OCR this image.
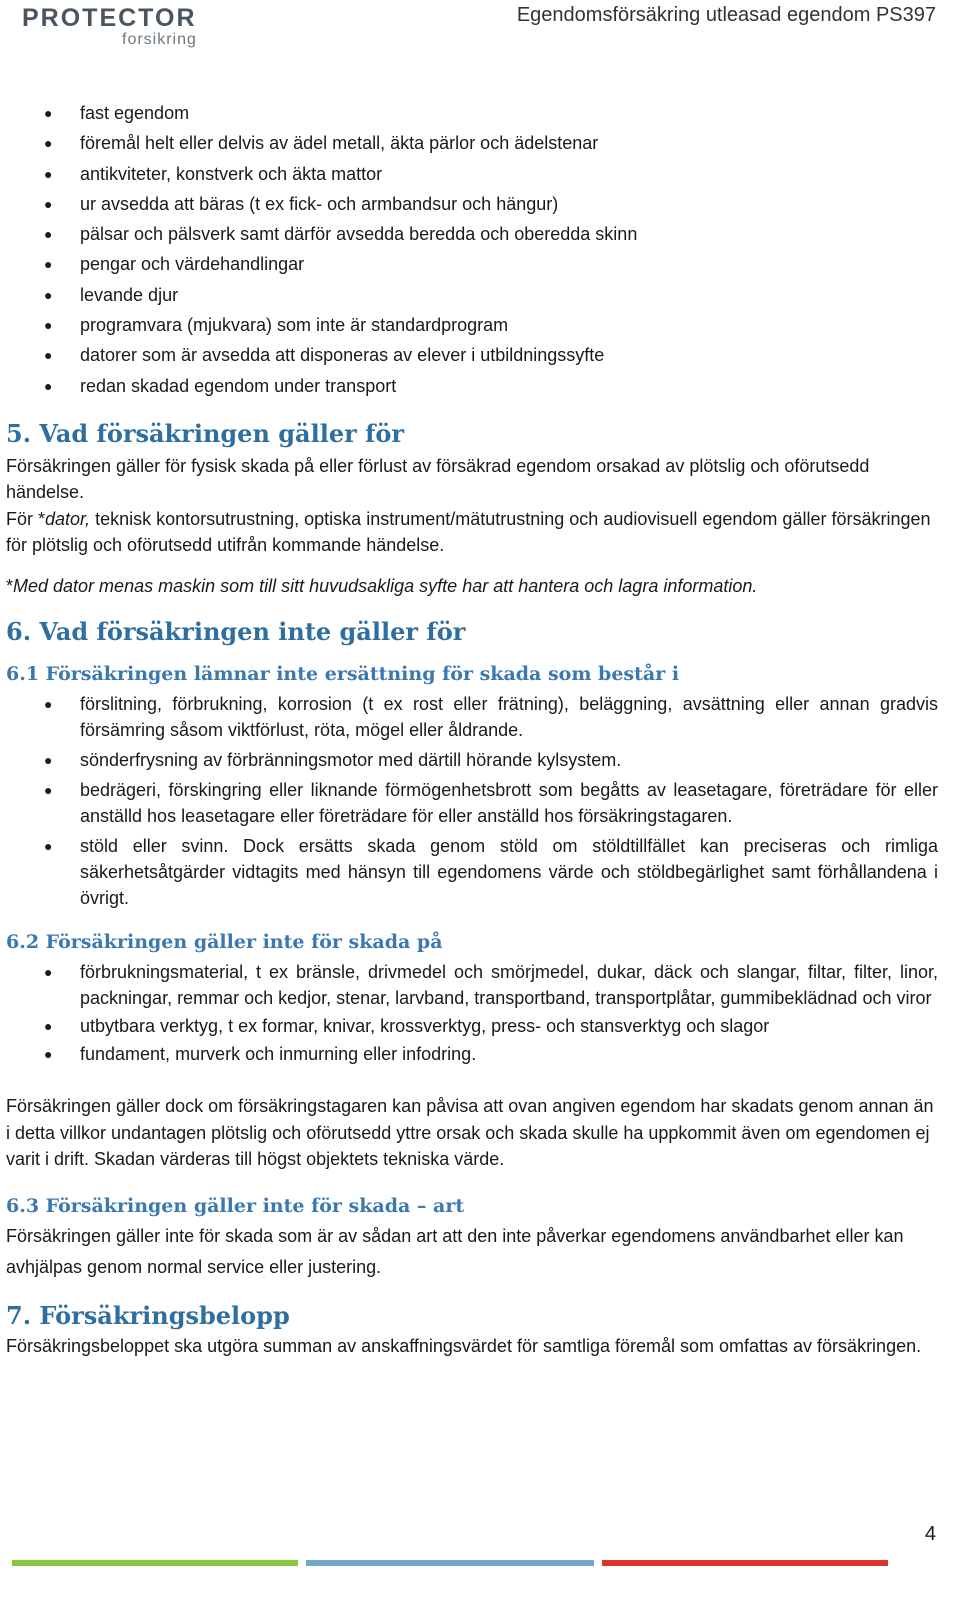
PROTECTOR
forsikring
Egendomsförsäkring utleasad egendom PS397
● fast egendom
● föremål helt eller delvis av ädel metall, äkta pärlor och ädelstenar
● antikviteter, konstverk och äkta mattor
● ur avsedda att bäras (t ex fick- och armbandsur och hängur)
● pälsar och pälsverk samt därför avsedda beredda och oberedda skinn
● pengar och värdehandlingar
● levande djur
● programvara (mjukvara) som inte är standardprogram
● datorer som är avsedda att disponeras av elever i utbildningssyfte
● redan skadad egendom under transport
5. Vad försäkringen gäller för

Försäkringen gäller för fysisk skada på eller förlust av försäkrad egendom orsakad av plötslig och oförutsedd händelse.

För *dator, teknisk kontorsutrustning, optiska instrument/mätutrustning och audiovisuell egendom gäller försäkringen för plötslig och oförutsedd utifrån kommande händelse.

*Med dator menas maskin som till sitt huvudsakliga syfte har att hantera och lagra information.

6. Vad försäkringen inte gäller för
6.1 Försäkringen lämnar inte ersättning för skada som består i
● förslitning, förbrukning, korrosion (t ex rost eller frätning), beläggning, avsättning eller annan gradvis försämring såsom viktförlust, röta, mögel eller åldrande.
● sönderfrysning av förbränningsmotor med därtill hörande kylsystem.
● bedrägeri, förskingring eller liknande förmögenhetsbrott som begåtts av leasetagare, företrädare för eller anställd hos leasetagare eller företrädare för eller anställd hos försäkringstagaren.
● stöld eller svinn. Dock ersätts skada genom stöld om stöldtillfället kan preciseras och rimliga säkerhetsåtgärder vidtagits med hänsyn till egendomens värde och stöldbegärlighet samt förhållandena i övrigt.
6.2 Försäkringen gäller inte för skada på
● förbrukningsmaterial, t ex bränsle, drivmedel och smörjmedel, dukar, däck och slangar, filtar, filter, linor, packningar, remmar och kedjor, stenar, larvband, transportband, transportplåtar, gummibeklädnad och viror
● utbytbara verktyg, t ex formar, knivar, krossverktyg, press- och stansverktyg och slagor
● fundament, murverk och inmurning eller infodring.

Försäkringen gäller dock om försäkringstagaren kan påvisa att ovan angiven egendom har skadats genom annan än i detta villkor undantagen plötslig och oförutsedd yttre orsak och skada skulle ha uppkommit även om egendomen ej varit i drift. Skadan värderas till högst objektets tekniska värde.

6.3 Försäkringen gäller inte för skada – art

Försäkringen gäller inte för skada som är av sådan art att den inte påverkar egendomens användbarhet eller kan avhjälpas genom normal service eller justering.

7. Försäkringsbelopp

Försäkringsbeloppet ska utgöra summan av anskaffningsvärdet för samtliga föremål som omfattas av försäkringen.

4
